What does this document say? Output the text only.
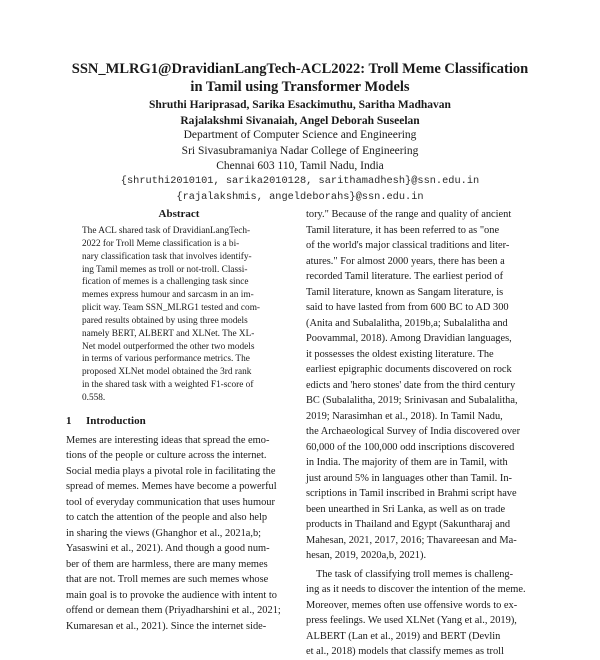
SSN_MLRG1@DravidianLangTech-ACL2022: Troll Meme Classification
in Tamil using Transformer Models
Shruthi Hariprasad, Sarika Esackimuthu, Saritha Madhavan
Rajalakshmi Sivanaiah, Angel Deborah Suseelan
Department of Computer Science and Engineering
Sri Sivasubramaniya Nadar College of Engineering
Chennai 603 110, Tamil Nadu, India
{shruthi2010101, sarika2010128, sarithamadhesh}@ssn.edu.in
{rajalakshmis, angeldeborahs}@ssn.edu.in
Abstract
The ACL shared task of DravidianLangTech-
2022 for Troll Meme classification is a bi-
nary classification task that involves identify-
ing Tamil memes as troll or not-troll. Classi-
fication of memes is a challenging task since
memes express humour and sarcasm in an im-
plicit way. Team SSN_MLRG1 tested and com-
pared results obtained by using three models
namely BERT, ALBERT and XLNet. The XL-
Net model outperformed the other two models
in terms of various performance metrics. The
proposed XLNet model obtained the 3rd rank
in the shared task with a weighted F1-score of
0.558.
1 Introduction
Memes are interesting ideas that spread the emo-
tions of the people or culture across the internet.
Social media plays a pivotal role in facilitating the
spread of memes. Memes have become a powerful
tool of everyday communication that uses humour
to catch the attention of the people and also help
in sharing the views (Ghanghor et al., 2021a,b;
Yasaswini et al., 2021). And though a good num-
ber of them are harmless, there are many memes
that are not. Troll memes are such memes whose
main goal is to provoke the audience with intent to
offend or demean them (Priyadharshini et al., 2021;
Kumaresan et al., 2021). Since the internet side-
tory." Because of the range and quality of ancient
Tamil literature, it has been referred to as "one
of the world's major classical traditions and liter-
atures." For almost 2000 years, there has been a
recorded Tamil literature. The earliest period of
Tamil literature, known as Sangam literature, is
said to have lasted from from 600 BC to AD 300
(Anita and Subalalitha, 2019b,a; Subalalitha and
Poovammal, 2018). Among Dravidian languages,
it possesses the oldest existing literature. The
earliest epigraphic documents discovered on rock
edicts and 'hero stones' date from the third century
BC (Subalalitha, 2019; Srinivasan and Subalalitha,
2019; Narasimhan et al., 2018). In Tamil Nadu,
the Archaeological Survey of India discovered over
60,000 of the 100,000 odd inscriptions discovered
in India. The majority of them are in Tamil, with
just around 5% in languages other than Tamil. In-
scriptions in Tamil inscribed in Brahmi script have
been unearthed in Sri Lanka, as well as on trade
products in Thailand and Egypt (Sakuntharaj and
Mahesan, 2021, 2017, 2016; Thavareesan and Ma-
hesan, 2019, 2020a,b, 2021).
The task of classifying troll memes is challeng-
ing as it needs to discover the intention of the meme.
Moreover, memes often use offensive words to ex-
press feelings. We used XLNet (Yang et al., 2019),
ALBERT (Lan et al., 2019) and BERT (Devlin
et al., 2018) models that classify memes as troll
